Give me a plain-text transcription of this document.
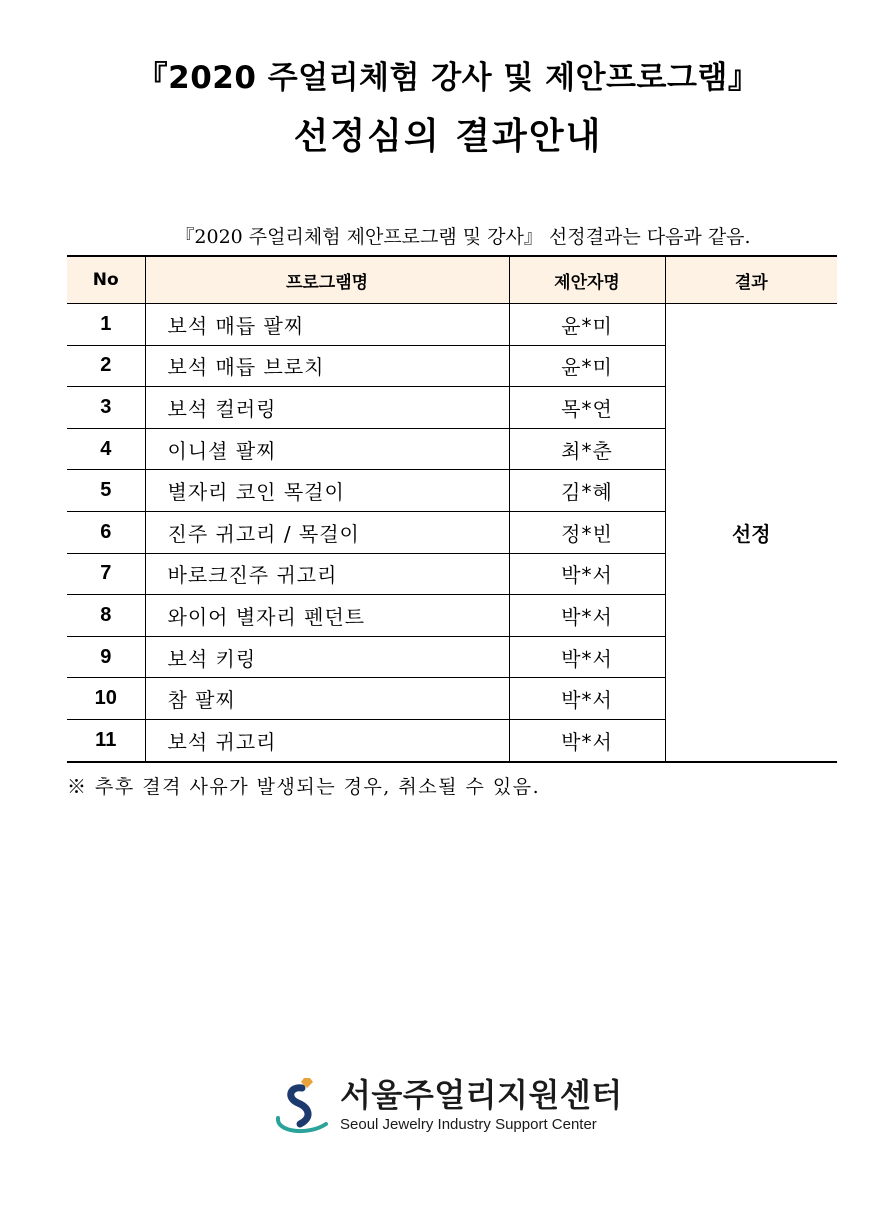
『2020 주얼리체험 강사 및 제안프로그램』
선정심의 결과안내
『2020 주얼리체험 제안프로그램 및 강사』 선정결과는 다음과 같음.
No	프로그램명	제안자명	결과
1	보석 매듭 팔찌	윤*미	선정
2	보석 매듭 브로치	윤*미	
3	보석 컬러링	목*연	
4	이니셜 팔찌	최*춘	
5	별자리 코인 목걸이	김*혜	
6	진주 귀고리 / 목걸이	정*빈	
7	바로크진주 귀고리	박*서	
8	와이어 별자리 펜던트	박*서	
9	보석 키링	박*서	
10	참 팔찌	박*서	
11	보석 귀고리	박*서	
※ 추후 결격 사유가 발생되는 경우, 취소될 수 있음.
서울주얼리지원센터
Seoul Jewelry Industry Support Center
